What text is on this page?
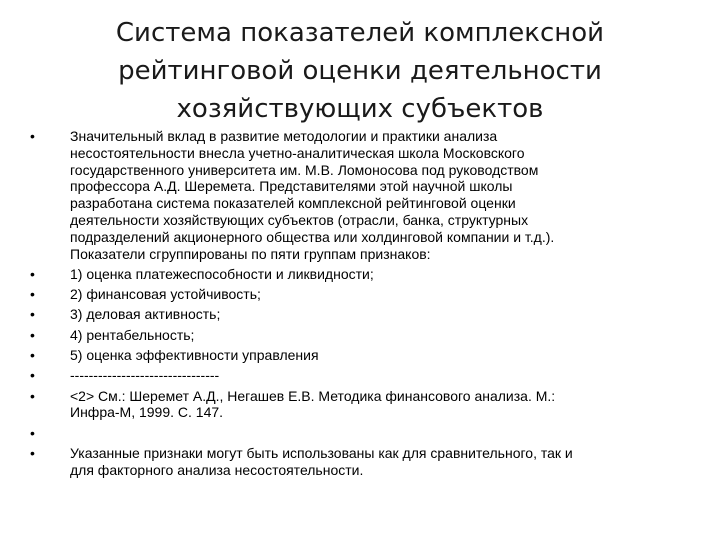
Система показателей комплексной
рейтинговой оценки деятельности
хозяйствующих субъектов
• Значительный вклад в развитие методологии и практики анализа
несостоятельности внесла учетно-аналитическая школа Московского
государственного университета им. М.В. Ломоносова под руководством
профессора А.Д. Шеремета. Представителями этой научной школы
разработана система показателей комплексной рейтинговой оценки
деятельности хозяйствующих субъектов (отрасли, банка, структурных
подразделений акционерного общества или холдинговой компании и т.д.).
Показатели сгруппированы по пяти группам признаков:
• 1) оценка платежеспособности и ликвидности;
• 2) финансовая устойчивость;
• 3) деловая активность;
• 4) рентабельность;
• 5) оценка эффективности управления
• --------------------------------
• <2> См.: Шеремет А.Д., Негашев Е.В. Методика финансового анализа. М.:
Инфра-М, 1999. С. 147.
•
• Указанные признаки могут быть использованы как для сравнительного, так и
для факторного анализа несостоятельности.
